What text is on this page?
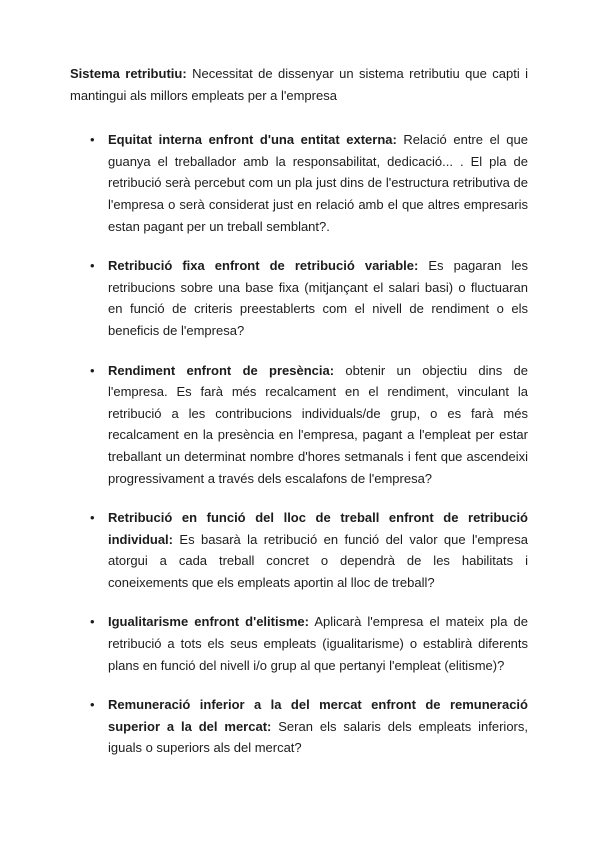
Sistema retributiu: Necessitat de dissenyar un sistema retributiu que capti i mantingui als millors empleats per a l'empresa

• Equitat interna enfront d'una entitat externa: Relació entre el que guanya el treballador amb la responsabilitat, dedicació... . El pla de retribució serà percebut com un pla just dins de l'estructura retributiva de l'empresa o serà considerat just en relació amb el que altres empresaris estan pagant per un treball semblant?.
• Retribució fixa enfront de retribució variable: Es pagaran les retribucions sobre una base fixa (mitjançant el salari basi) o fluctuaran en funció de criteris preestablerts com el nivell de rendiment o els beneficis de l'empresa?
• Rendiment enfront de presència: obtenir un objectiu dins de l'empresa. Es farà més recalcament en el rendiment, vinculant la retribució a les contribucions individuals/de grup, o es farà més recalcament en la presència en l'empresa, pagant a l'empleat per estar treballant un determinat nombre d'hores setmanals i fent que ascendeixi progressivament a través dels escalafons de l'empresa?
• Retribució en funció del lloc de treball enfront de retribució individual: Es basarà la retribució en funció del valor que l'empresa atorgui a cada treball concret o dependrà de les habilitats i coneixements que els empleats aportin al lloc de treball?
• Igualitarisme enfront d'elitisme: Aplicarà l'empresa el mateix pla de retribució a tots els seus empleats (igualitarisme) o establirà diferents plans en funció del nivell i/o grup al que pertanyi l'empleat (elitisme)?
• Remuneració inferior a la del mercat enfront de remuneració superior a la del mercat: Seran els salaris dels empleats inferiors, iguals o superiors als del mercat?
